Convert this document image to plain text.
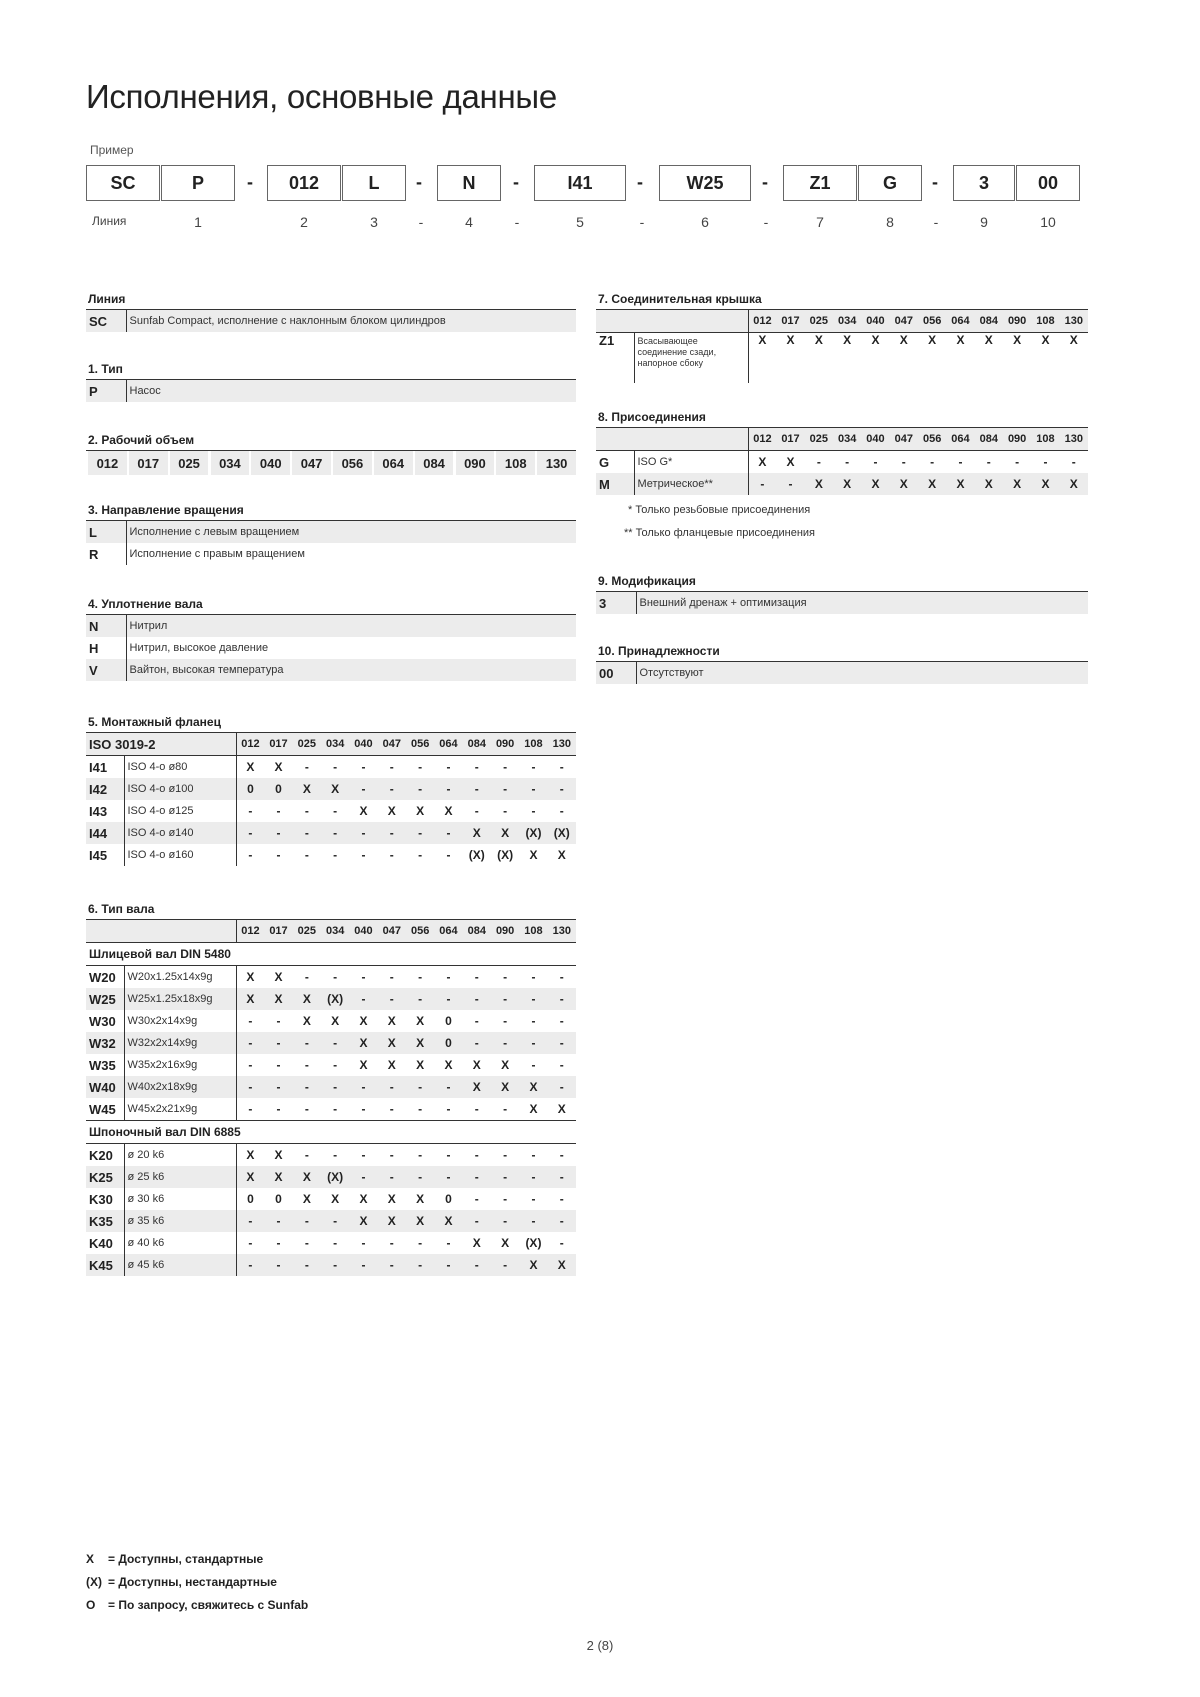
Исполнения, основные данные
Пример
SC	P	-	012	L	-	N	-	I41	-	W25	-	Z1	G	-	3	00
Линия	1	2	3	-	4	-	5	-	6	-	7	8	-	9	10
Линия
SC	Sunfab Compact, исполнение с наклонным блоком цилиндров
1. Тип
P	Насос
2. Рабочий объем
012	017	025	034	040	047	056	064	084	090	108	130
3. Направление вращения
L	Исполнение с левым вращением
R	Исполнение с правым вращением
4. Уплотнение вала
N	Нитрил
H	Нитрил, высокое давление
V	Вайтон, высокая температура
5. Монтажный фланец
ISO 3019-2		012	017	025	034	040	047	056	064	084	090	108	130
I41	ISO 4-о ø80	X	X	-	-	-	-	-	-	-	-	-	-
I42	ISO 4-о ø100	0	0	X	X	-	-	-	-	-	-	-	-
I43	ISO 4-о ø125	-	-	-	-	X	X	X	X	-	-	-	-
I44	ISO 4-о ø140	-	-	-	-	-	-	-	-	X	X	(X)	(X)
I45	ISO 4-о ø160	-	-	-	-	-	-	-	-	(X)	(X)	X	X
6. Тип вала
		012	017	025	034	040	047	056	064	084	090	108	130
Шлицевой вал DIN 5480													
W20	W20x1.25x14x9g	X	X	-	-	-	-	-	-	-	-	-	-
W25	W25x1.25x18x9g	X	X	X	(X)	-	-	-	-	-	-	-	-
W30	W30x2x14x9g	-	-	X	X	X	X	X	0	-	-	-	-
W32	W32x2x14x9g	-	-	-	-	X	X	X	0	-	-	-	-
W35	W35x2x16x9g	-	-	-	-	X	X	X	X	X	X	-	-
W40	W40x2x18x9g	-	-	-	-	-	-	-	-	X	X	X	-
W45	W45x2x21x9g	-	-	-	-	-	-	-	-	-	-	X	X
Шпоночный вал DIN 6885													
K20	ø 20 k6	X	X	-	-	-	-	-	-	-	-	-	-
K25	ø 25 k6	X	X	X	(X)	-	-	-	-	-	-	-	-
K30	ø 30 k6	0	0	X	X	X	X	X	0	-	-	-	-
K35	ø 35 k6	-	-	-	-	X	X	X	X	-	-	-	-
K40	ø 40 k6	-	-	-	-	-	-	-	-	X	X	(X)	-
K45	ø 45 k6	-	-	-	-	-	-	-	-	-	-	X	X
7. Соединительная крышка
		012	017	025	034	040	047	056	064	084	090	108	130
Z1	Всасывающее соединение сзади, напорное сбоку	X	X	X	X	X	X	X	X	X	X	X	X
8. Присоединения
		012	017	025	034	040	047	056	064	084	090	108	130
G	ISO G*	X	X	-	-	-	-	-	-	-	-	-	-
M	Метрическое**	-	-	X	X	X	X	X	X	X	X	X	X
* Только резьбовые присоединения
** Только фланцевые присоединения
9. Модификация
3	Внешний дренаж + оптимизация
10. Принадлежности
00	Отсутствуют
X = Доступны, стандартные
(X) = Доступны, нестандартные
O = По запросу, свяжитесь с Sunfab
2 (8)
